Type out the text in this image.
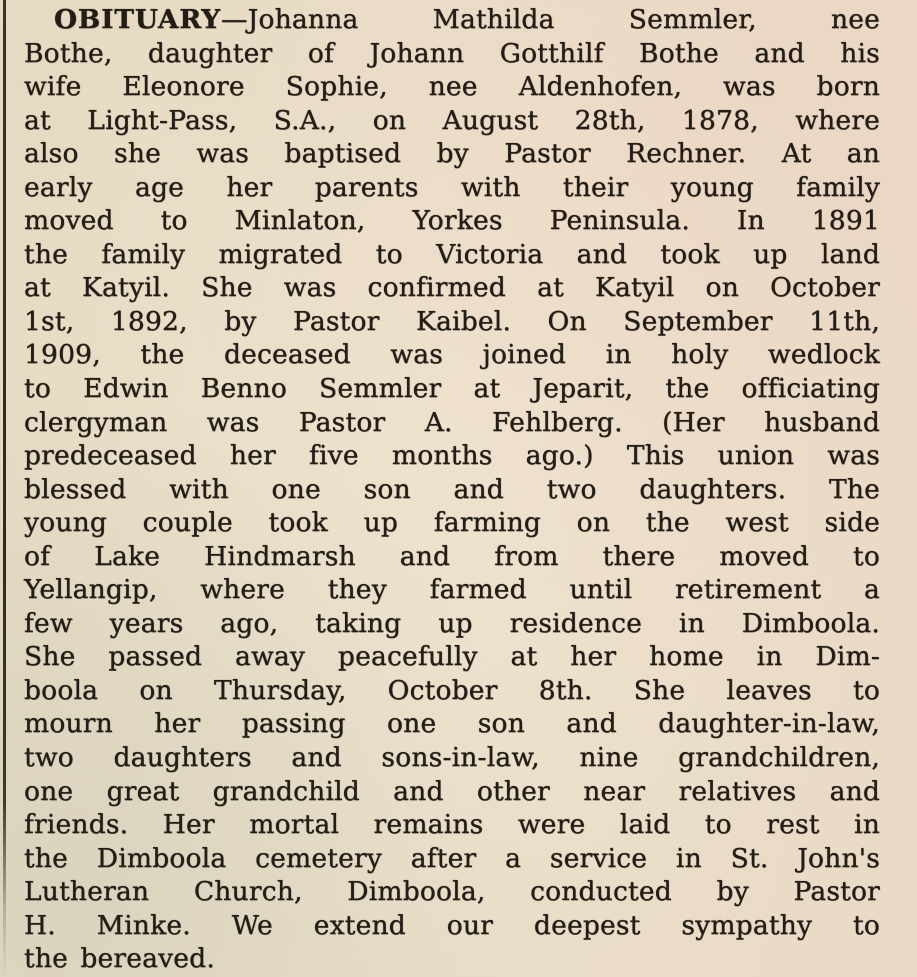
OBITUARY—Johanna Mathilda Semmler, nee
Bothe, daughter of Johann Gotthilf Bothe and his
wife Eleonore Sophie, nee Aldenhofen, was born
at Light-Pass, S.A., on August 28th, 1878, where
also she was baptised by Pastor Rechner. At an
early age her parents with their young family
moved to Minlaton, Yorkes Peninsula. In 1891
the family migrated to Victoria and took up land
at Katyil. She was confirmed at Katyil on October
1st, 1892, by Pastor Kaibel. On September 11th,
1909, the deceased was joined in holy wedlock
to Edwin Benno Semmler at Jeparit, the officiating
clergyman was Pastor A. Fehlberg. (Her husband
predeceased her five months ago.) This union was
blessed with one son and two daughters. The
young couple took up farming on the west side
of Lake Hindmarsh and from there moved to
Yellangip, where they farmed until retirement a
few years ago, taking up residence in Dimboola.
She passed away peacefully at her home in Dim-
boola on Thursday, October 8th. She leaves to
mourn her passing one son and daughter-in-law,
two daughters and sons-in-law, nine grandchildren,
one great grandchild and other near relatives and
friends. Her mortal remains were laid to rest in
the Dimboola cemetery after a service in St. John's
Lutheran Church, Dimboola, conducted by Pastor
H. Minke. We extend our deepest sympathy to
the bereaved.
